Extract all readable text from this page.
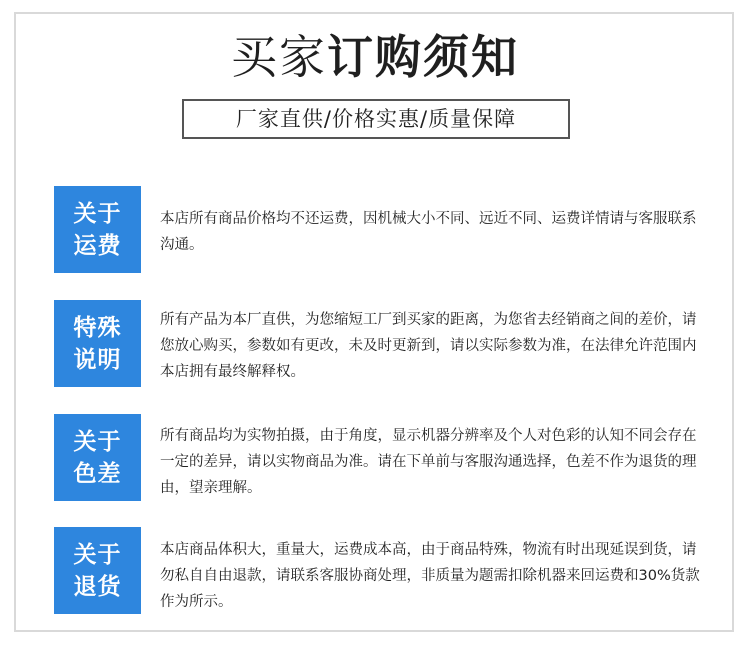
买家订购须知
厂家直供/价格实惠/质量保障
关于
运费
本店所有商品价格均不还运费，因机械大小不同、远近不同、运费详情请与客服联系沟通。
特殊
说明
所有产品为本厂直供，为您缩短工厂到买家的距离，为您省去经销商之间的差价，请您放心购买，参数如有更改，未及时更新到，请以实际参数为准，在法律允许范围内本店拥有最终解释权。
关于
色差
所有商品均为实物拍摄，由于角度，显示机器分辨率及个人对色彩的认知不同会存在一定的差异，请以实物商品为准。请在下单前与客服沟通选择，色差不作为退货的理由，望亲理解。
关于
退货
本店商品体积大，重量大，运费成本高，由于商品特殊，物流有时出现延误到货，请勿私自自由退款，请联系客服协商处理，非质量为题需扣除机器来回运费和30%货款作为所示。
